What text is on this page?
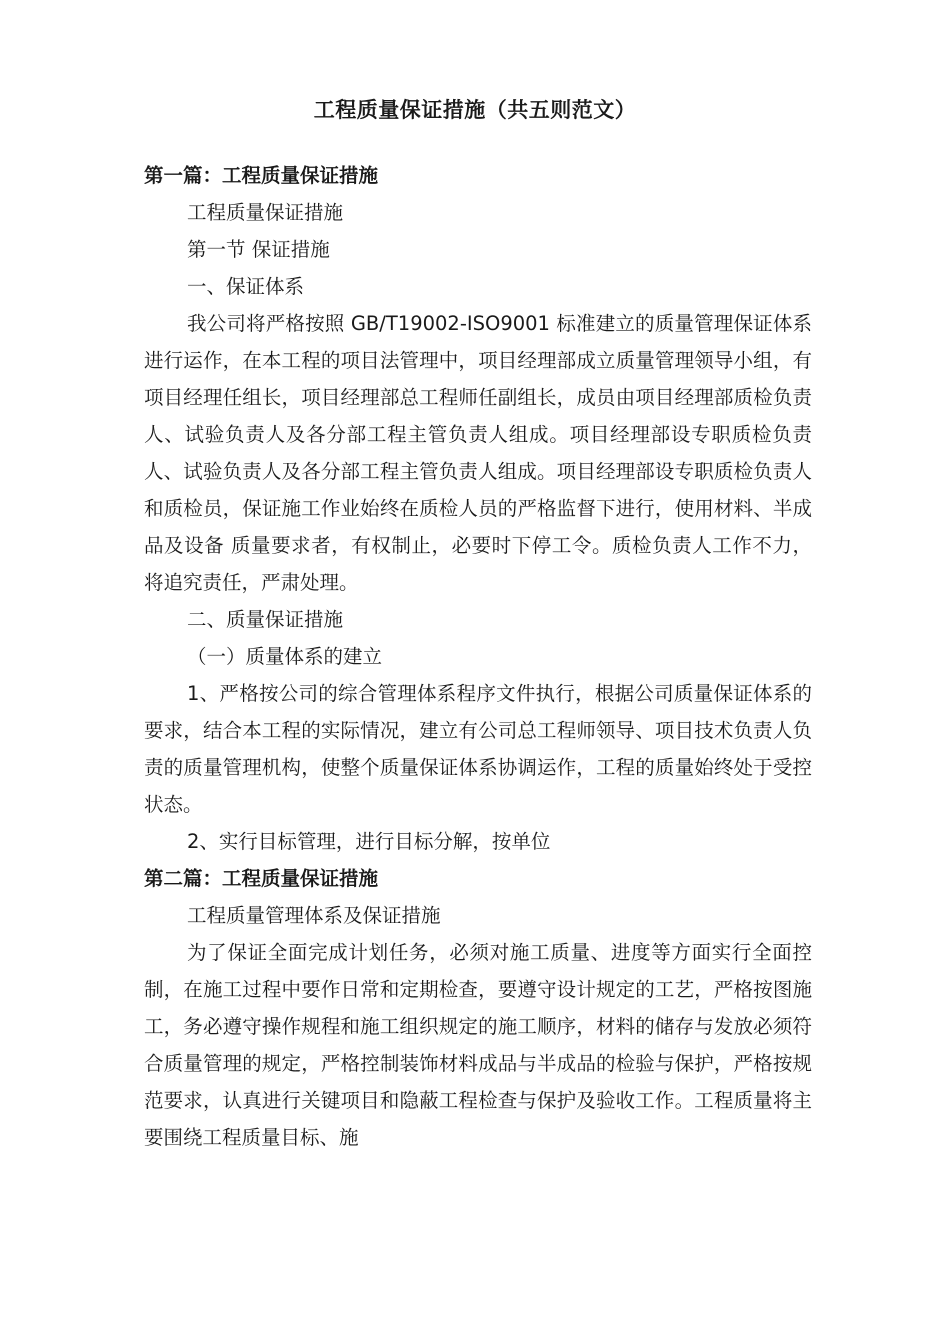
工程质量保证措施（共五则范文）

第一篇：工程质量保证措施

工程质量保证措施

第一节 保证措施

一、保证体系

我公司将严格按照 GB/T19002-ISO9001 标准建立的质量管理保证体系进行运作，在本工程的项目法管理中，项目经理部成立质量管理领导小组，有项目经理任组长，项目经理部总工程师任副组长，成员由项目经理部质检负责人、试验负责人及各分部工程主管负责人组成。项目经理部设专职质检负责人、试验负责人及各分部工程主管负责人组成。项目经理部设专职质检负责人和质检员，保证施工作业始终在质检人员的严格监督下进行，使用材料、半成品及设备 质量要求者，有权制止，必要时下停工令。质检负责人工作不力，将追究责任，严肃处理。

二、质量保证措施

（一）质量体系的建立

1、严格按公司的综合管理体系程序文件执行，根据公司质量保证体系的要求，结合本工程的实际情况，建立有公司总工程师领导、项目技术负责人负责的质量管理机构，使整个质量保证体系协调运作，工程的质量始终处于受控状态。

2、实行目标管理，进行目标分解，按单位

第二篇：工程质量保证措施

工程质量管理体系及保证措施

为了保证全面完成计划任务，必须对施工质量、进度等方面实行全面控制，在施工过程中要作日常和定期检查，要遵守设计规定的工艺，严格按图施工，务必遵守操作规程和施工组织规定的施工顺序，材料的储存与发放必须符合质量管理的规定，严格控制装饰材料成品与半成品的检验与保护，严格按规范要求，认真进行关键项目和隐蔽工程检查与保护及验收工作。工程质量将主要围绕工程质量目标、施
